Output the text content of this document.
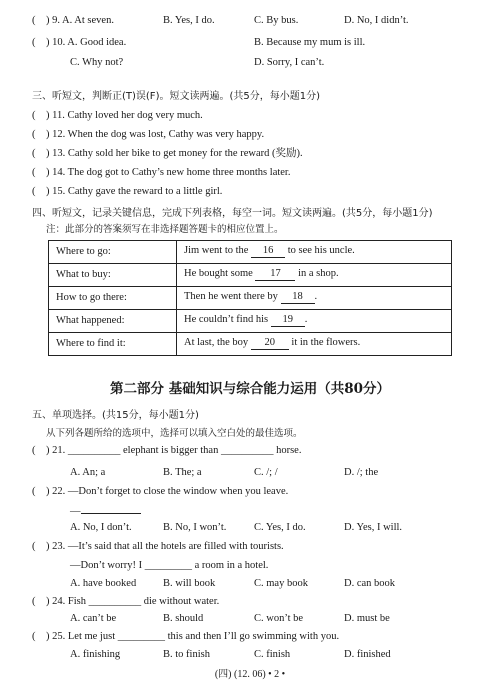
(    ) 9. A. At seven.	B. Yes, I do.	C. By bus.	D. No, I didn’t.
(    ) 10. A. Good idea.	B. Because my mum is ill.
C. Why not?	D. Sorry, I can’t.
三、听短文，判断正(T)误(F)。短文读两遍。(共5分，每小题1分)
(    ) 11. Cathy loved her dog very much.
(    ) 12. When the dog was lost, Cathy was very happy.
(    ) 13. Cathy sold her bike to get money for the reward (奖励).
(    ) 14. The dog got to Cathy’s new home three months later.
(    ) 15. Cathy gave the reward to a little girl.
四、听短文，记录关键信息，完成下列表格，每空一词。短文读两遍。(共5分，每小题1分)
注：此部分的答案须写在非选择题答题卡的相应位置上。
Where to go:	Jim went to the 16 to see his uncle.
What to buy:	He bought some 17 in a shop.
How to go there:	Then he went there by 18 .
What happened:	He couldn’t find his 19 .
Where to find it:	At last, the boy 20 it in the flowers.
第二部分 基础知识与综合能力运用（共80分）
五、单项选择。(共15分，每小题1分)
从下列各题所给的选项中，选择可以填入空白处的最佳选项。
(    ) 21. __________ elephant is bigger than __________ horse.
A. An; a	B. The; a	C. /; /	D. /; the
(    ) 22. —Don’t forget to close the window when you leave.
—
A. No, I don’t.	B. No, I won’t.	C. Yes, I do.	D. Yes, I will.
(    ) 23. —It’s said that all the hotels are filled with tourists.
—Don’t worry! I _________ a room in a hotel.
A. have booked	B. will book	C. may book	D. can book
(    ) 24. Fish __________ die without water.
A. can’t be	B. should	C. won’t be	D. must be
(    ) 25. Let me just _________ this and then I’ll go swimming with you.
A. finishing	B. to finish	C. finish	D. finished
(四) (12. 06) • 2 •
